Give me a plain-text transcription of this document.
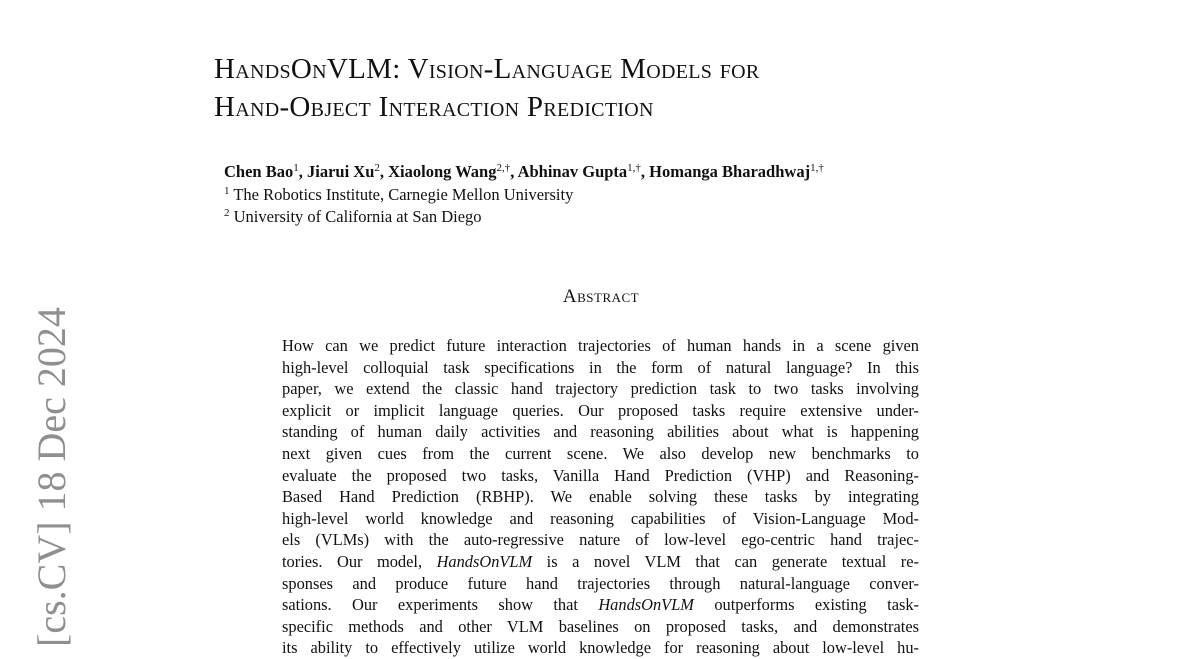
[cs.CV] 18 Dec 2024
HandsOnVLM: Vision-Language Models for
Hand-Object Interaction Prediction
Chen Bao$^1$, Jiarui Xu$^2$, Xiaolong Wang$^{2,\dagger}$, Abhinav Gupta$^{1,\dagger}$, Homanga Bharadhwaj$^{1,\dagger}$
$^1$ The Robotics Institute, Carnegie Mellon University
$^2$ University of California at San Diego
Abstract
How can we predict future interaction trajectories of human hands in a scene given
high-level colloquial task specifications in the form of natural language? In this
paper, we extend the classic hand trajectory prediction task to two tasks involving
explicit or implicit language queries. Our proposed tasks require extensive under-
standing of human daily activities and reasoning abilities about what is happening
next given cues from the current scene. We also develop new benchmarks to
evaluate the proposed two tasks, Vanilla Hand Prediction (VHP) and Reasoning-
Based Hand Prediction (RBHP). We enable solving these tasks by integrating
high-level world knowledge and reasoning capabilities of Vision-Language Mod-
els (VLMs) with the auto-regressive nature of low-level ego-centric hand trajec-
tories. Our model, HandsOnVLM is a novel VLM that can generate textual re-
sponses and produce future hand trajectories through natural-language conver-
sations. Our experiments show that HandsOnVLM outperforms existing task-
specific methods and other VLM baselines on proposed tasks, and demonstrates
its ability to effectively utilize world knowledge for reasoning about low-level hu-
